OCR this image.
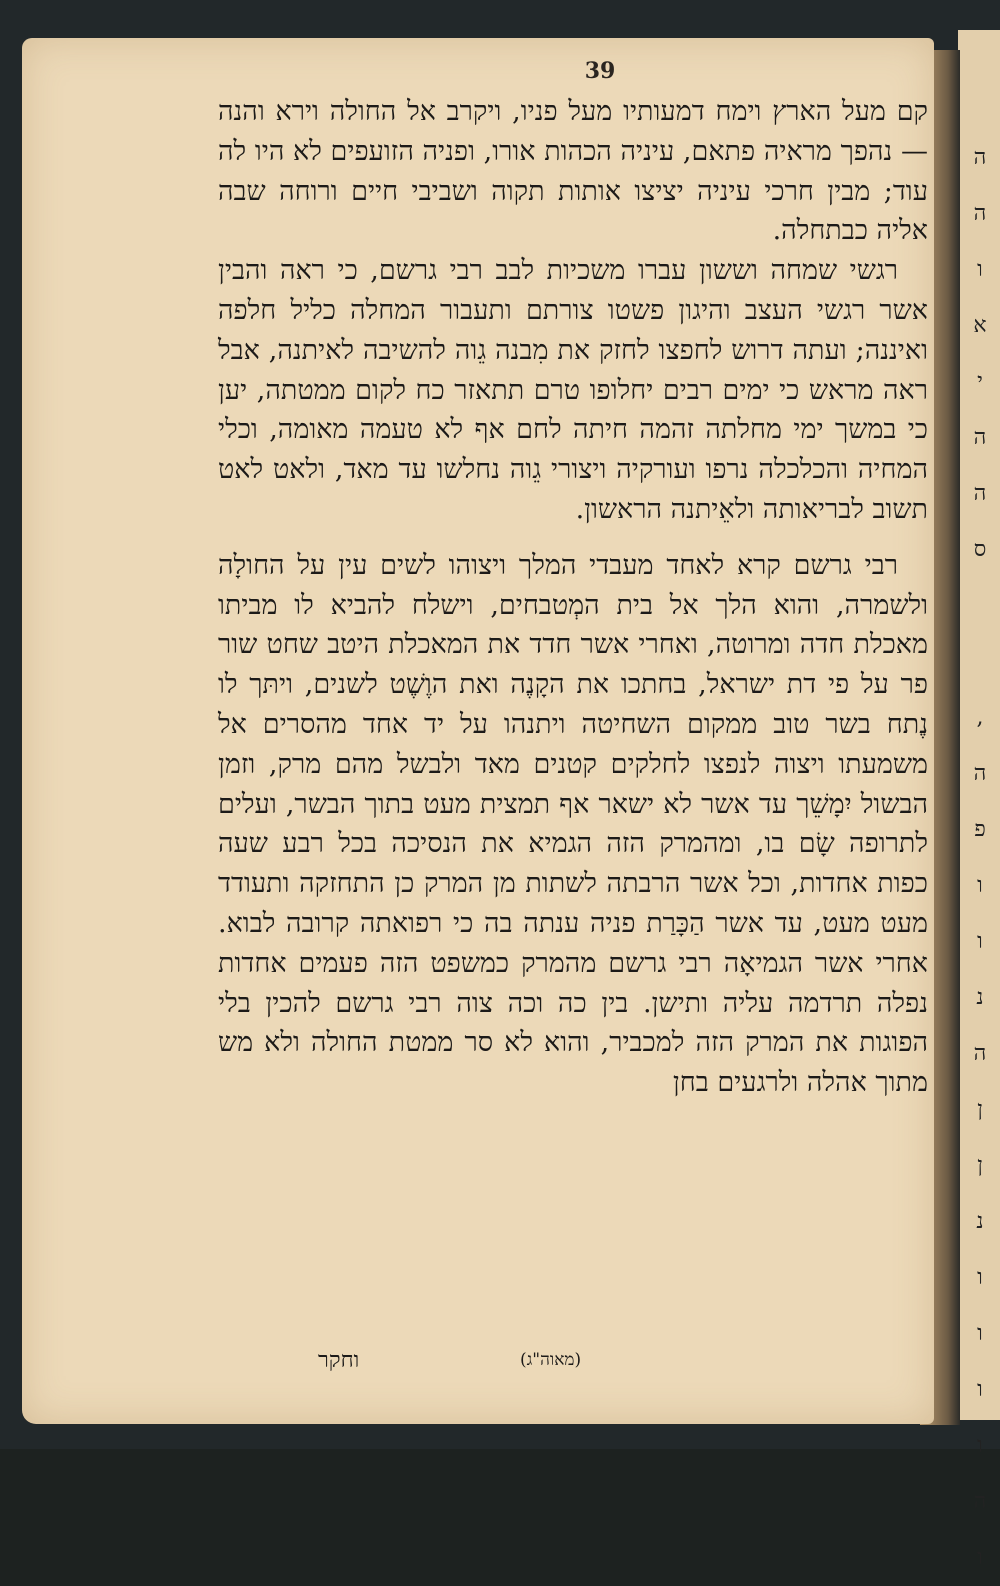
ה
ה
ו
א
י
ה
ה
ס

,
ה
פ
ו
ו
נ
ה
ן
ן
נ
ו
ו
ו
ו
ה
ו
39

קם מעל הארץ וימח דמעותיו מעל פניו, ויקרב אל החולה וירא והנה — נהפך מראיה פתאם, עיניה הכהות אורו, ופניה הזועפים לא היו לה עוד; מבין חרכי עיניה יציצו אותות תקוה ושביבי חיים ורוחה שבה אליה כבתחלה.

רגשי שמחה וששון עברו משכיות לבב רבי גרשם, כי ראה והבין אשר רגשי העצב והיגון פשטו צורתם ותעבור המחלה כליל חלפה ואיננה; ועתה דרוש לחפצו לחזק את מִבנה גֵוה להשיבה לאיתנה, אבל ראה מראש כי ימים רבים יחלופו טרם תתאזר כח לקום ממטתה, יען כי במשך ימי מחלתה זהמה חיתה לחם אף לא טעמה מאומה, וכלי המחיה והכלכלה נרפו ועורקיה ויצורי גֵוה נחלשו עד מאד, ולאט לאט תשוב לבריאותה ולאֵיתנה הראשון.

רבי גרשם קרא לאחד מעבדי המלך ויצוהו לשים עין על החולָה ולשמרה, והוא הלך אל בית המְטבחים, וישלח להביא לו מביתו מאכלת חדה ומרוטה, ואחרי אשר חדד את המאכלת היטב שחט שור פר על פי דת ישראל, בחתכו את הקָנֶה ואת הוֶשֶׁט לשנים, ויתּך לו נֶתח בשר טוב ממקום השחיטה ויתנהו על יד אחד מהסרים אל משמעתו ויצוה לנפצו לחלקים קטנים מאד ולבשל מהם מרק, וזמן הבשול יִמָשֵׁך עד אשר לא ישאר אף תמצית מעט בתוך הבשר, ועלים לתרופה שָׂם בו, ומהמרק הזה הגמיא את הנסיכה בכל רבע שעה כפות אחדות, וכל אשר הרבתה לשתות מן המרק כן התחזקה ותעודד מעט מעט, עד אשר הַכָּרַת פניה ענתה בה כי רפואתה קרובה לבוא. אחרי אשר הגמיאָה רבי גרשם מהמרק כמשפט הזה פעמים אחדות נפלה תרדמה עליה ותישן. בין כה וכה צוה רבי גרשם להכין בלי הפוגות את המרק הזה למכביר, והוא לא סר ממטת החולה ולא מש מתוך אהלה ולרגעים בחן

(מאוה"ג)
וחקר
